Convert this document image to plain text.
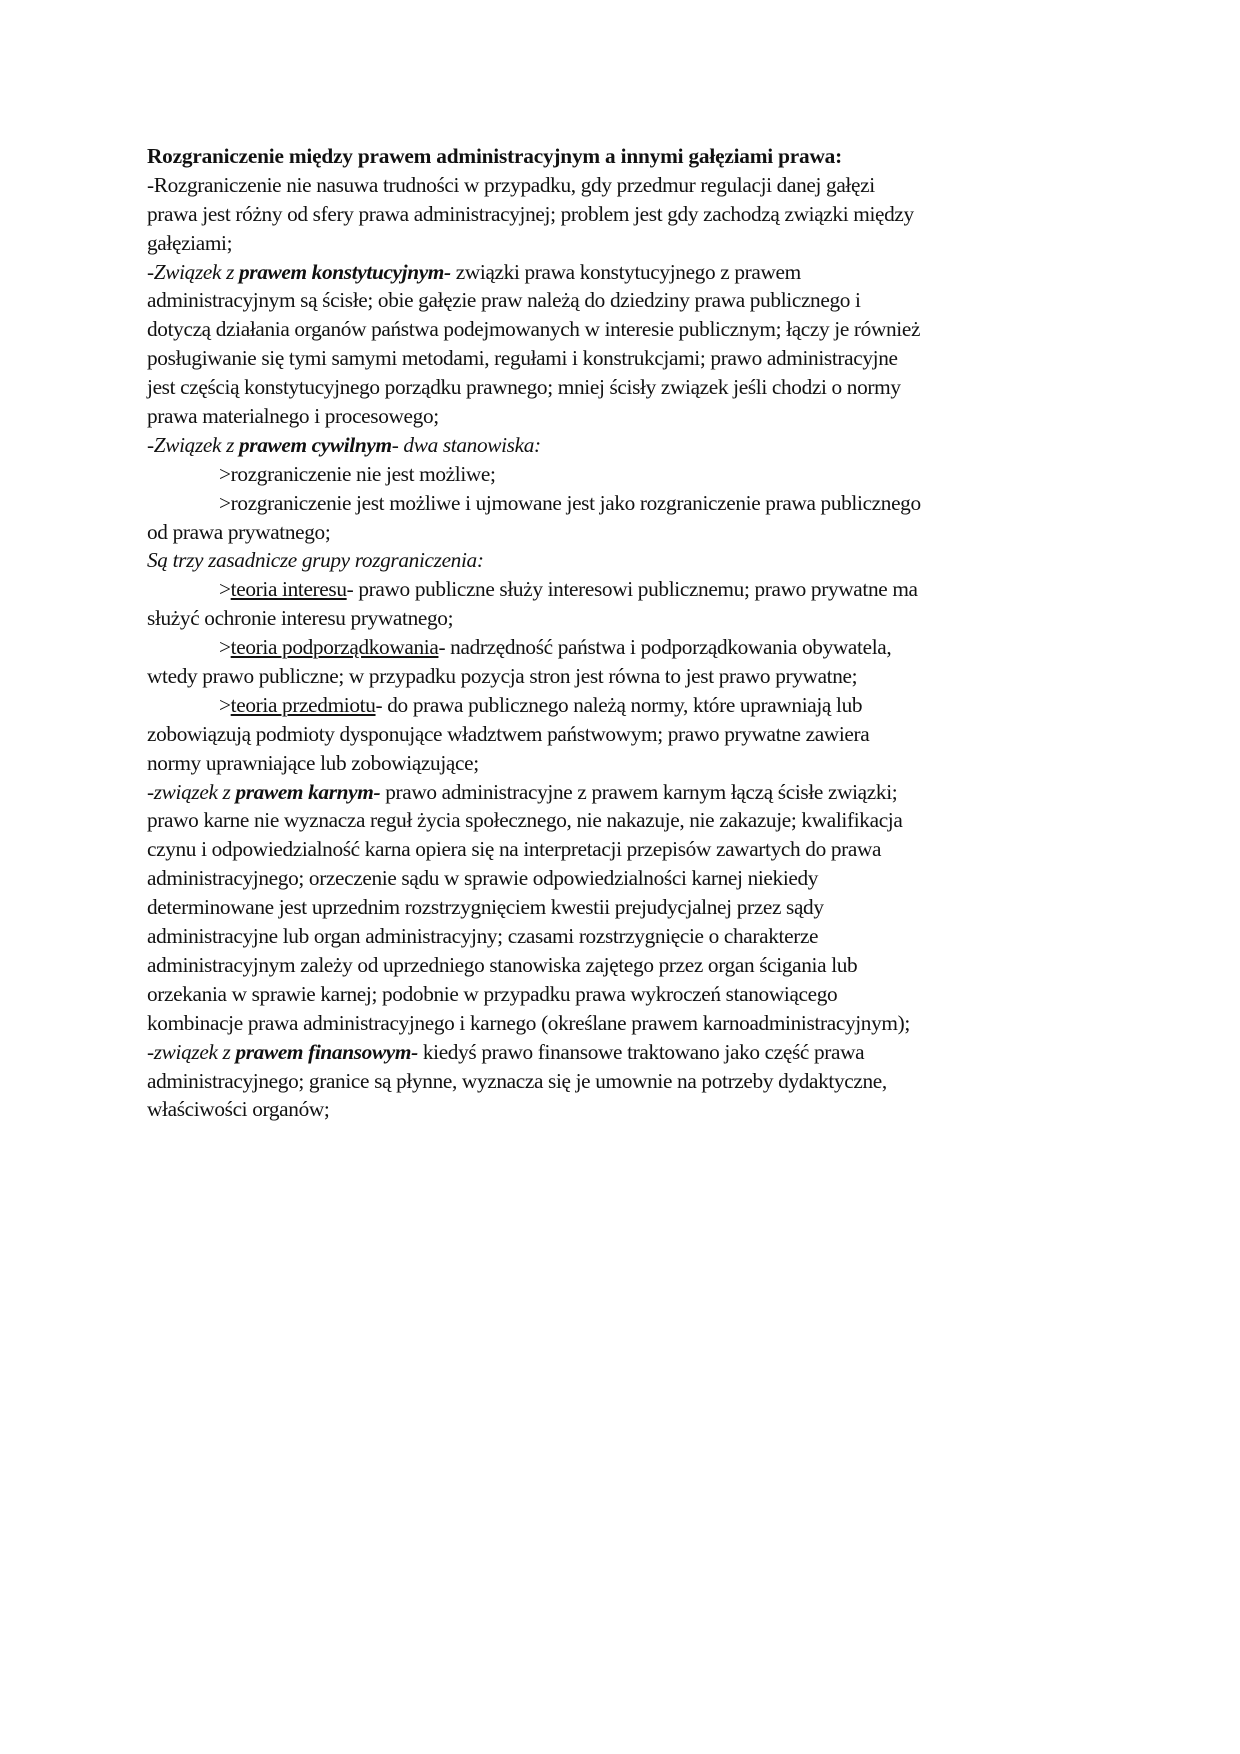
Rozgraniczenie między prawem administracyjnym a innymi gałęziami prawa:
-Rozgraniczenie nie nasuwa trudności w przypadku, gdy przedmur regulacji danej gałęzi
prawa jest różny od sfery prawa administracyjnej; problem jest gdy zachodzą związki między
gałęziami;
-Związek z prawem konstytucyjnym- związki prawa konstytucyjnego z prawem
administracyjnym są ścisłe; obie gałęzie praw należą do dziedziny prawa publicznego i
dotyczą działania organów państwa podejmowanych w interesie publicznym; łączy je również
posługiwanie się tymi samymi metodami, regułami i konstrukcjami; prawo administracyjne
jest częścią konstytucyjnego porządku prawnego; mniej ścisły związek jeśli chodzi o normy
prawa materialnego i procesowego;
-Związek z prawem cywilnym- dwa stanowiska:
>rozgraniczenie nie jest możliwe;
>rozgraniczenie jest możliwe i ujmowane jest jako rozgraniczenie prawa publicznego
od prawa prywatnego;
Są trzy zasadnicze grupy rozgraniczenia:
>teoria interesu- prawo publiczne służy interesowi publicznemu; prawo prywatne ma
służyć ochronie interesu prywatnego;
>teoria podporządkowania- nadrzędność państwa i podporządkowania obywatela,
wtedy prawo publiczne; w przypadku pozycja stron jest równa to jest prawo prywatne;
>teoria przedmiotu- do prawa publicznego należą normy, które uprawniają lub
zobowiązują podmioty dysponujące władztwem państwowym; prawo prywatne zawiera
normy uprawniające lub zobowiązujące;
-związek z prawem karnym- prawo administracyjne z prawem karnym łączą ścisłe związki;
prawo karne nie wyznacza reguł życia społecznego, nie nakazuje, nie zakazuje; kwalifikacja
czynu i odpowiedzialność karna opiera się na interpretacji przepisów zawartych do prawa
administracyjnego; orzeczenie sądu w sprawie odpowiedzialności karnej niekiedy
determinowane jest uprzednim rozstrzygnięciem kwestii prejudycjalnej przez sądy
administracyjne lub organ administracyjny; czasami rozstrzygnięcie o charakterze
administracyjnym zależy od uprzedniego stanowiska zajętego przez organ ścigania lub
orzekania w sprawie karnej; podobnie w przypadku prawa wykroczeń stanowiącego
kombinacje prawa administracyjnego i karnego (określane prawem karnoadministracyjnym);
-związek z prawem finansowym- kiedyś prawo finansowe traktowano jako część prawa
administracyjnego; granice są płynne, wyznacza się je umownie na potrzeby dydaktyczne,
właściwości organów;
